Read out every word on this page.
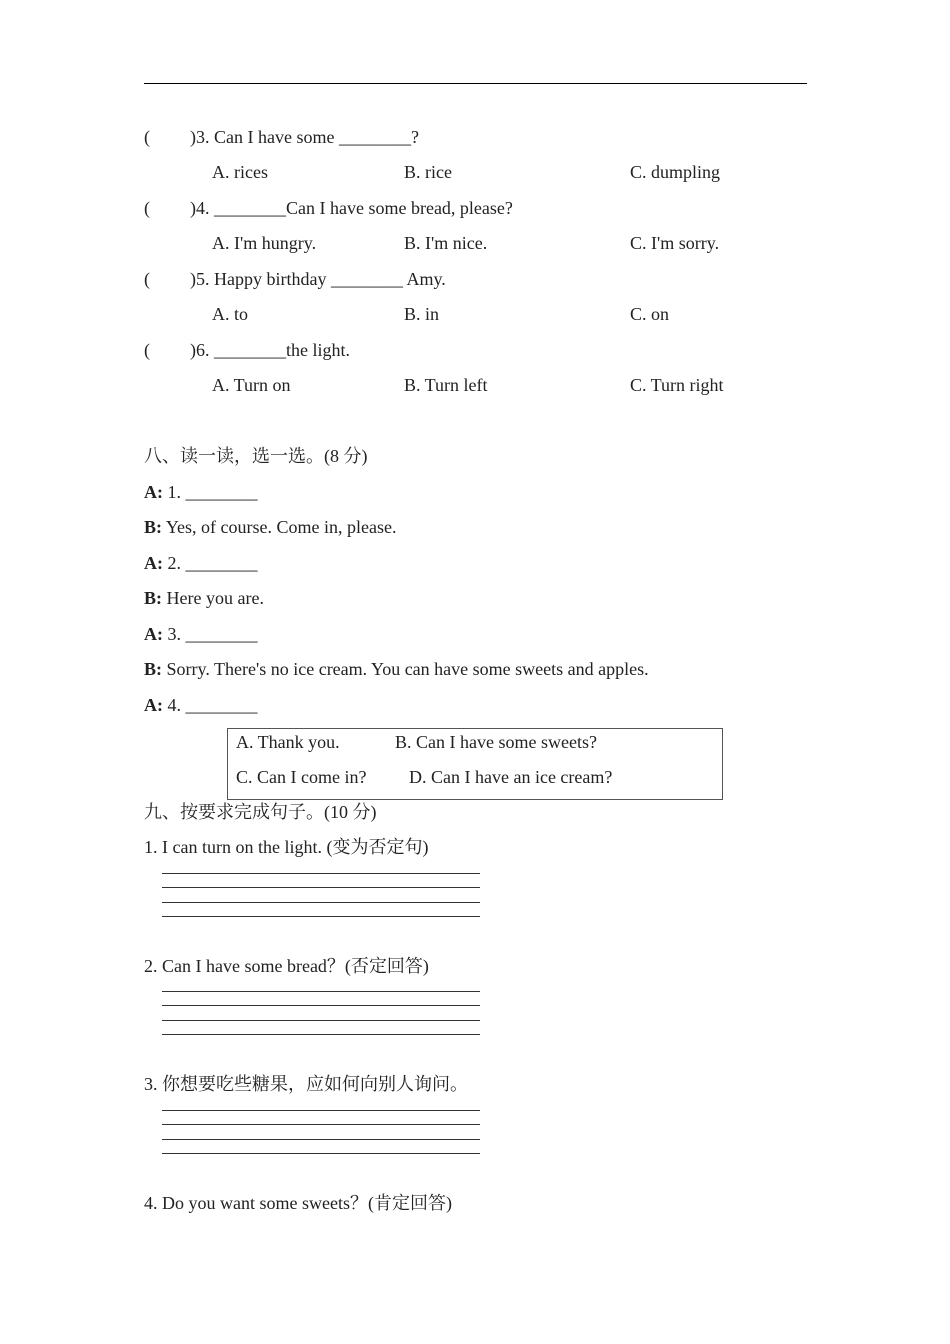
( )3. Can I have some ________?
A. rices	B. rice	C. dumpling
( )4. ________Can I have some bread, please?
A. I'm hungry.	B. I'm nice.	C. I'm sorry.
( )5. Happy birthday ________ Amy.
A. to	B. in	C. on
( )6. ________the light.
A. Turn on	B. Turn left	C. Turn right
八、读一读，选一选。(8 分)
A: 1. ________
B: Yes, of course. Come in, please.
A: 2. ________
B: Here you are.
A: 3. ________
B: Sorry. There's no ice cream. You can have some sweets and apples.
A: 4. ________
A. Thank you.	B. Can I have some sweets?
C. Can I come in? D. Can I have an ice cream?
九、按要求完成句子。(10 分)
1. I can turn on the light. (变为否定句)
2. Can I have some bread？(否定回答)
3. 你想要吃些糖果，应如何向别人询问。
4. Do you want some sweets？(肯定回答)
